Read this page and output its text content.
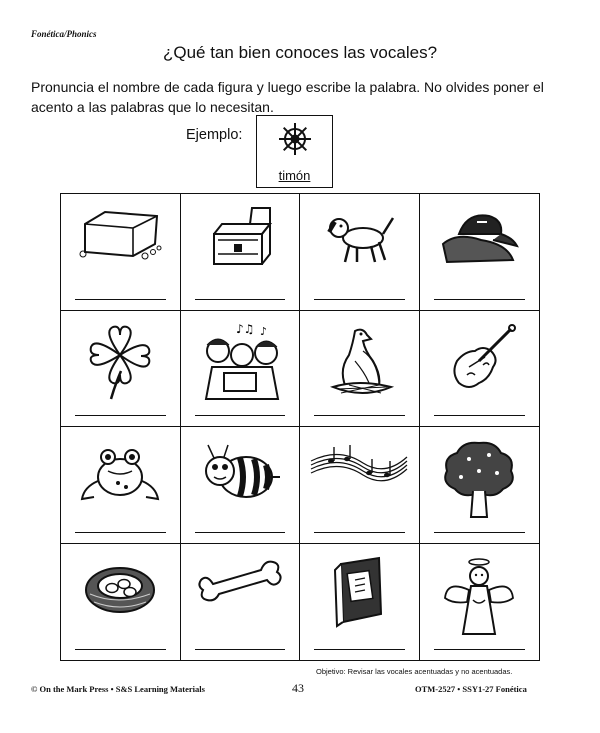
Fonética/Phonics
¿Qué tan bien conoces las vocales?
Pronuncia el nombre de cada figura y luego escribe la palabra. No olvides poner el acento a las palabras que lo necesitan.
Ejemplo:
timón
♪♫ ♪
Objetivo: Revisar las vocales acentuadas y no acentuadas.
© On the Mark Press • S&S Learning Materials	43	OTM-2527 • SSY1-27 Fonética
